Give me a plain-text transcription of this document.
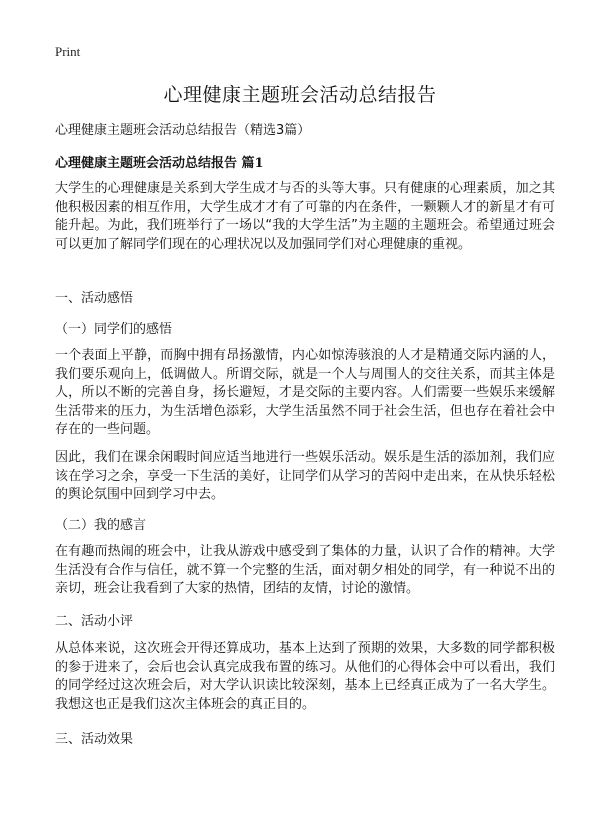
Print
心理健康主题班会活动总结报告

心理健康主题班会活动总结报告（精选3篇）

心理健康主题班会活动总结报告 篇1

大学生的心理健康是关系到大学生成才与否的头等大事。只有健康的心理素质，加之其他积极因素的相互作用，大学生成才才有了可靠的内在条件，一颗颗人才的新星才有可能升起。为此，我们班举行了一场以“我的大学生活”为主题的主题班会。希望通过班会可以更加了解同学们现在的心理状况以及加强同学们对心理健康的重视。

一、活动感悟

（一）同学们的感悟

一个表面上平静，而胸中拥有昂扬激情，内心如惊涛骇浪的人才是精通交际内涵的人，我们要乐观向上，低调做人。所谓交际，就是一个人与周围人的交往关系，而其主体是人，所以不断的完善自身，扬长避短，才是交际的主要内容。人们需要一些娱乐来缓解生活带来的压力，为生活增色添彩，大学生活虽然不同于社会生活，但也存在着社会中存在的一些问题。

因此，我们在课余闲暇时间应适当地进行一些娱乐活动。娱乐是生活的添加剂，我们应该在学习之余，享受一下生活的美好，让同学们从学习的苦闷中走出来，在从快乐轻松的舆论氛围中回到学习中去。

（二）我的感言

在有趣而热闹的班会中，让我从游戏中感受到了集体的力量，认识了合作的精神。大学生活没有合作与信任，就不算一个完整的生活，面对朝夕相处的同学，有一种说不出的亲切，班会让我看到了大家的热情，团结的友情，讨论的激情。

二、活动小评

从总体来说，这次班会开得还算成功，基本上达到了预期的效果，大多数的同学都积极的参于进来了，会后也会认真完成我布置的练习。从他们的心得体会中可以看出，我们的同学经过这次班会后，对大学认识读比较深刻，基本上已经真正成为了一名大学生。我想这也正是我们这次主体班会的真正目的。

三、活动效果
